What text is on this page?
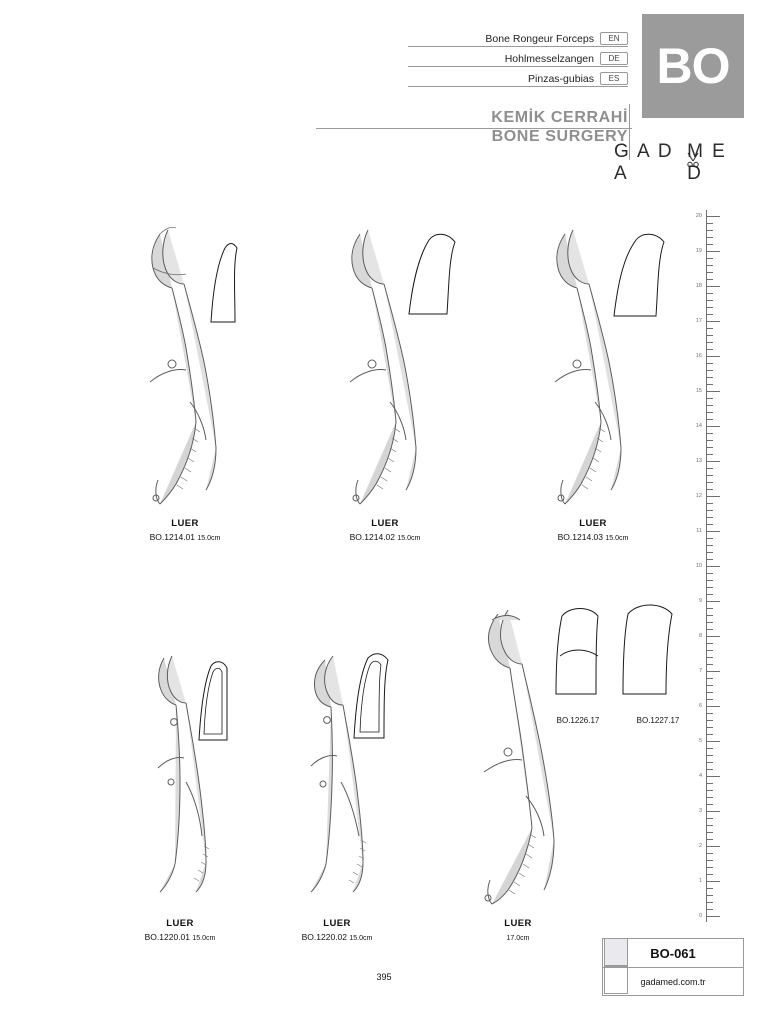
BO
Bone Rongeur Forceps	EN
Hohlmesselzangen	DE
Pinzas-gubias	ES
KEMİK CERRAHİ
BONE SURGERY
G A D A
M E D
20
19
18
17
16
15
14
13
12
11
10
9
8
7
6
5
4
3
2
1
0
LUER
BO.1214.01 15.0cm
LUER
BO.1214.02 15.0cm
LUER
BO.1214.03 15.0cm
BO.1226.17	BO.1227.17
LUER
BO.1220.01 15.0cm
LUER
BO.1220.02 15.0cm
LUER
17.0cm
395
BO-061
gadamed.com.tr
